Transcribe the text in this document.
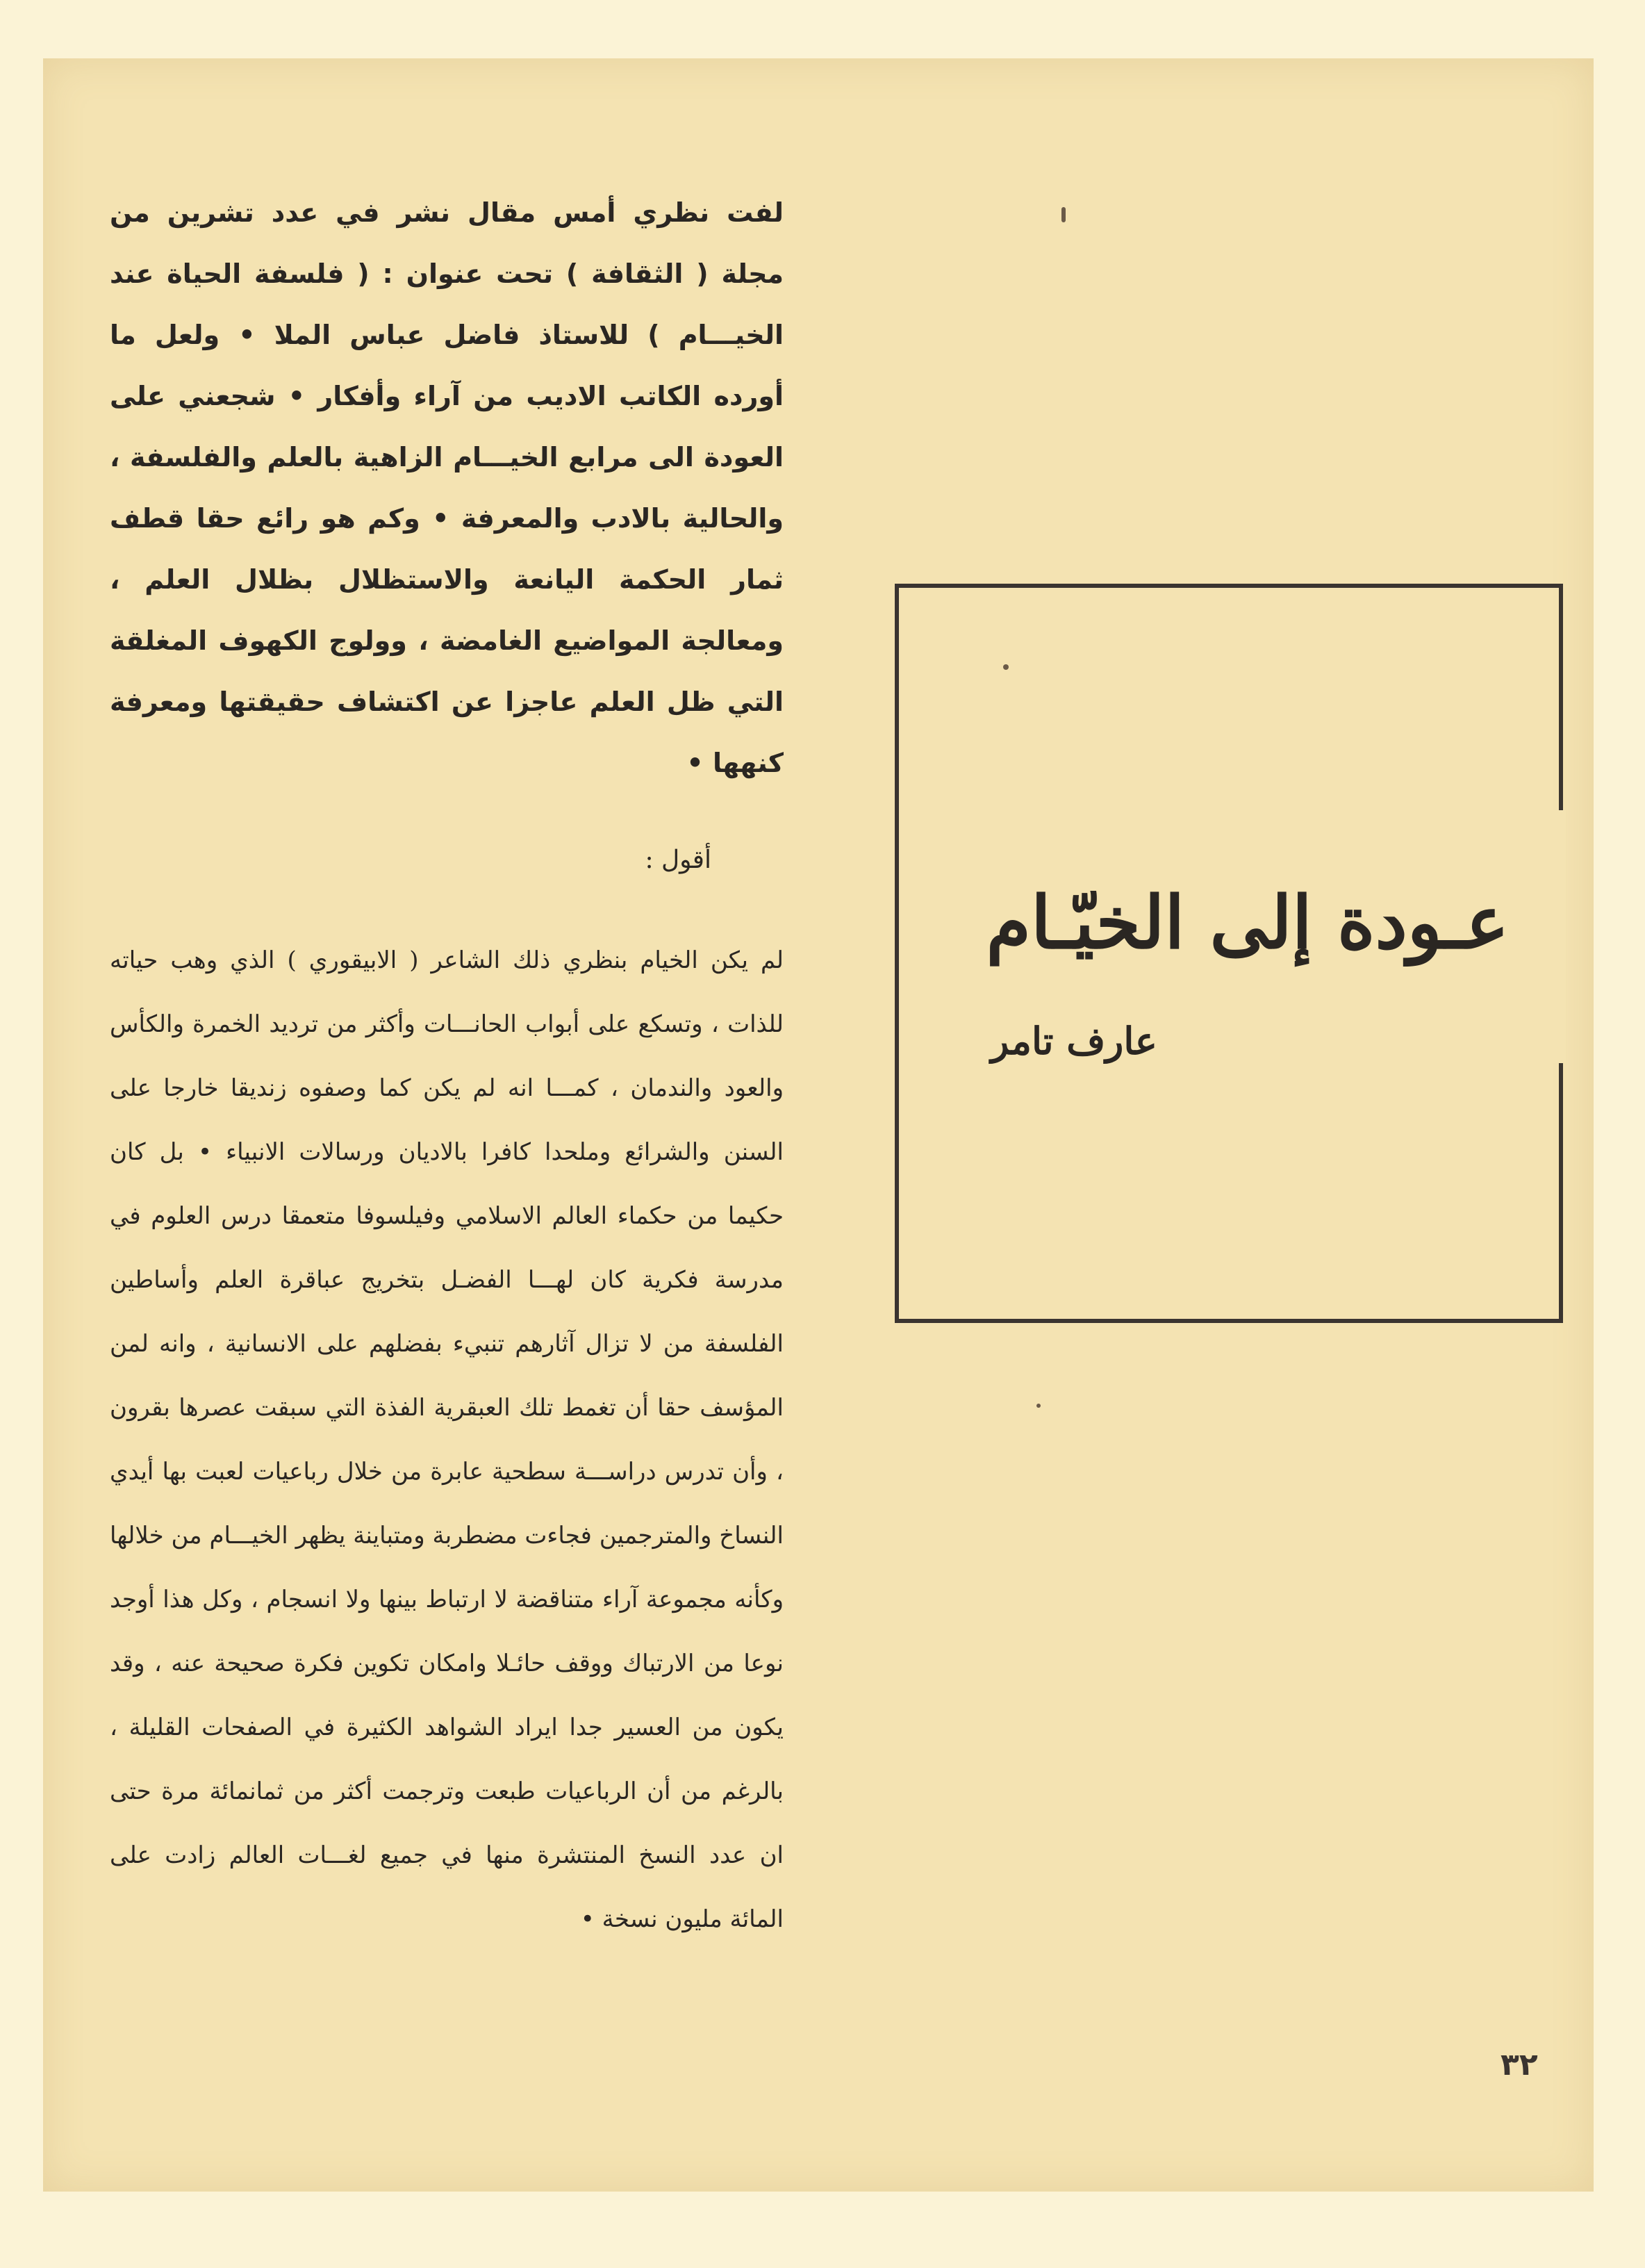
لفت نظري أمس مقال نشر في عدد تشرين من مجلة ( الثقافة ) تحت عنوان : ( فلسفة الحياة عند الخيـــام ) للاستاذ فاضل عباس الملا • ولعل ما أورده الكاتب الاديب من آراء وأفكار • شجعني على العودة الى مرابع الخيـــام الزاهية بالعلم والفلسفة ، والحالية بالادب والمعرفة • وكم هو رائع حقا قطف ثمار الحكمة اليانعة والاستظلال بظلال العلم ، ومعالجة المواضيع الغامضة ، وولوج الكهوف المغلقة التي ظل العلم عاجزا عن اكتشاف حقيقتها ومعرفة كنهها •

أقول :

لم يكن الخيام بنظري ذلك الشاعر ( الابيقوري ) الذي وهب حياته للذات ، وتسكع على أبواب الحانـــات وأكثر من ترديد الخمرة والكأس والعود والندمان ، كمـــا انه لم يكن كما وصفوه زنديقا خارجا على السنن والشرائع وملحدا كافرا بالاديان ورسالات الانبياء • بل كان حكيما من حكماء العالم الاسلامي وفيلسوفا متعمقا درس العلوم في مدرسة فكرية كان لهـــا الفضـل بتخريج عباقرة العلم وأساطين الفلسفة من لا تزال آثارهم تنبيء بفضلهم على الانسانية ، وانه لمن المؤسف حقا أن تغمط تلك العبقرية الفذة التي سبقت عصرها بقرون ، وأن تدرس دراســـة سطحية عابرة من خلال رباعيات لعبت بها أيدي النساخ والمترجمين فجاءت مضطربة ومتباينة يظهر الخيـــام من خلالها وكأنه مجموعة آراء متناقضة لا ارتباط بينها ولا انسجام ، وكل هذا أوجد نوعا من الارتباك ووقف حائـلا وامكان تكوين فكرة صحيحة عنه ، وقد يكون من العسير جدا ايراد الشواهد الكثيرة في الصفحات القليلة ، بالرغم من أن الرباعيات طبعت وترجمت أكثر من ثمانمائة مرة حتى ان عدد النسخ المنتشرة منها في جميع لغـــات العالم زادت على المائة مليون نسخة •

عـودة إلى الخيّـام
عارف تامر
٣٢
